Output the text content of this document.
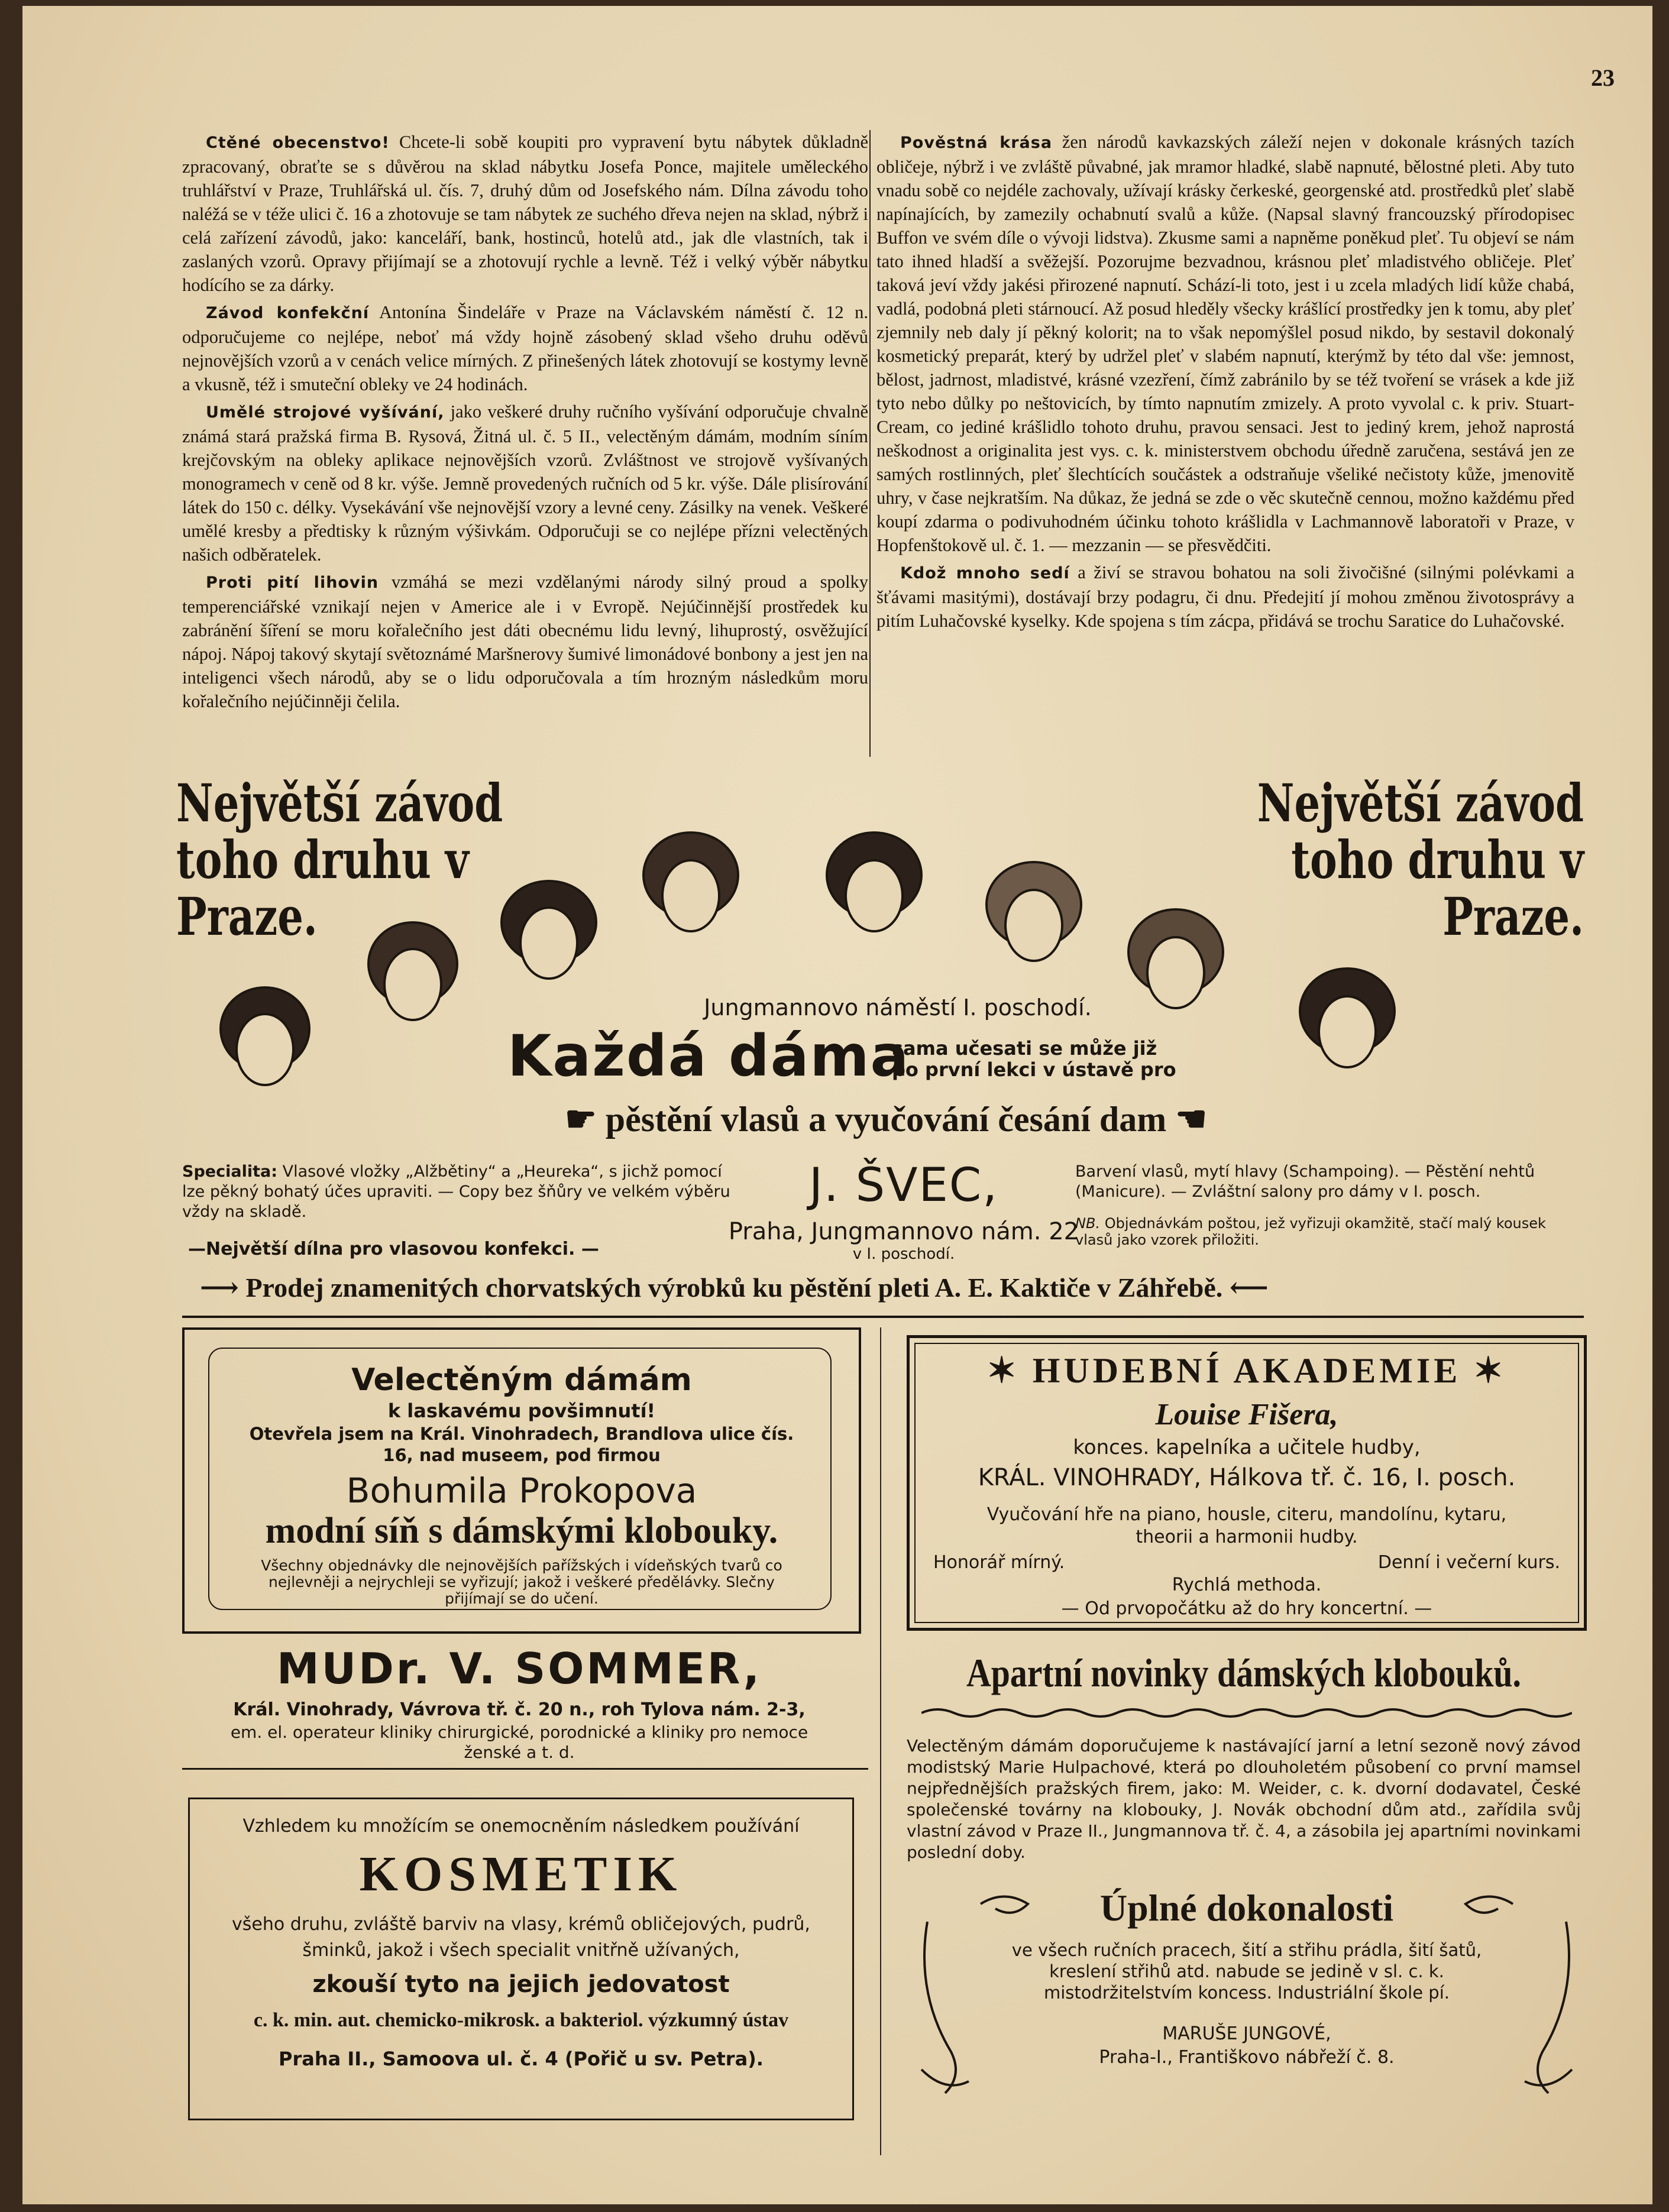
23

Ctěné obecenstvo! Chcete-li sobě koupiti pro vypravení bytu nábytek důkladně zpracovaný, obraťte se s důvěrou na sklad nábytku Josefa Ponce, majitele uměleckého truhlářství v Praze, Truhlářská ul. čís. 7, druhý dům od Josefského nám. Dílna závodu toho naléžá se v téže ulici č. 16 a zhotovuje se tam nábytek ze suchého dřeva nejen na sklad, nýbrž i celá zařízení závodů, jako: kanceláří, bank, hostinců, hotelů atd., jak dle vlastních, tak i zaslaných vzorů. Opravy přijímají se a zhotovují rychle a levně. Též i velký výběr nábytku hodícího se za dárky.

Závod konfekční Antonína Šindeláře v Praze na Václavském náměstí č. 12 n. odporučujeme co nejlépe, neboť má vždy hojně zásobený sklad všeho druhu oděvů nejnovějších vzorů a v cenách velice mírných. Z přinešených látek zhotovují se kostymy levně a vkusně, též i smuteční obleky ve 24 hodinách.

Umělé strojové vyšívání, jako veškeré druhy ručního vyšívání odporučuje chvalně známá stará pražská firma B. Rysová, Žitná ul. č. 5 II., velectěným dámám, modním síním krejčovským na obleky aplikace nejnovějších vzorů. Zvláštnost ve strojově vyšívaných monogramech v ceně od 8 kr. výše. Jemně provedených ručních od 5 kr. výše. Dále plisírování látek do 150 c. délky. Vysekávání vše nejnovější vzory a levné ceny. Zásilky na venek. Veškeré umělé kresby a předtisky k různým výšivkám. Odporučuji se co nejlépe přízni velectěných našich odběratelek.

Proti pití lihovin vzmáhá se mezi vzdělanými národy silný proud a spolky temperenciářské vznikají nejen v Americe ale i v Evropě. Nejúčinnější prostředek ku zabránění šíření se moru kořalečního jest dáti obecnému lidu levný, lihuprostý, osvěžující nápoj. Nápoj takový skytají světoznámé Maršnerovy šumivé limonádové bonbony a jest jen na inteligenci všech národů, aby se o lidu odporučovala a tím hrozným následkům moru kořalečního nejúčinněji čelila.

Pověstná krása žen národů kavkazských záleží nejen v dokonale krásných tazích obličeje, nýbrž i ve zvláště půvabné, jak mramor hladké, slabě napnuté, bělostné pleti. Aby tuto vnadu sobě co nejdéle zachovaly, užívají krásky čerkeské, georgenské atd. prostředků pleť slabě napínajících, by zamezily ochabnutí svalů a kůže. (Napsal slavný francouzský přírodopisec Buffon ve svém díle o vývoji lidstva). Zkusme sami a napněme poněkud pleť. Tu objeví se nám tato ihned hladší a svěžejší. Pozorujme bezvadnou, krásnou pleť mladistvého obličeje. Pleť taková jeví vždy jakési přirozené napnutí. Schází-li toto, jest i u zcela mladých lidí kůže chabá, vadlá, podobná pleti stárnoucí. Až posud hleděly všecky krášlící prostředky jen k tomu, aby pleť zjemnily neb daly jí pěkný kolorit; na to však nepomýšlel posud nikdo, by sestavil dokonalý kosmetický preparát, který by udržel pleť v slabém napnutí, kterýmž by této dal vše: jemnost, bělost, jadrnost, mladistvé, krásné vzezření, čímž zabránilo by se též tvoření se vrásek a kde již tyto nebo důlky po neštovicích, by tímto napnutím zmizely. A proto vyvolal c. k priv. Stuart-Cream, co jediné krášlidlo tohoto druhu, pravou sensaci. Jest to jediný krem, jehož naprostá neškodnost a originalita jest vys. c. k. ministerstvem obchodu úředně zaručena, sestává jen ze samých rostlinných, pleť šlechtících součástek a odstraňuje všeliké nečistoty kůže, jmenovitě uhry, v čase nejkratším. Na důkaz, že jedná se zde o věc skutečně cennou, možno každému před koupí zdarma o podivuhodném účinku tohoto krášlidla v Lachmannově laboratoři v Praze, v Hopfenštokově ul. č. 1. — mezzanin — se přesvědčiti.

Kdož mnoho sedí a živí se stravou bohatou na soli živočišné (silnými polévkami a šťávami masitými), dostávají brzy podagru, či dnu. Předejití jí mohou změnou životosprávy a pitím Luhačovské kyselky. Kde spojena s tím zácpa, přidává se trochu Saratice do Luhačovské.

Největší závod toho druhu v Praze.
Největší závod toho druhu v Praze.
Jungmannovo náměstí I. poschodí.
Každá dáma
sama učesati se může již
po první lekci v ústavě pro
☛ pěstění vlasů a vyučování česání dam ☚
Specialita: Vlasové vložky „Alžbětiny“ a „Heureka“, s jichž pomocí lze pěkný bohatý účes upraviti. — Copy bez šňůry ve velkém výběru vždy na skladě.
—Největší dílna pro vlasovou konfekci. —
J. ŠVEC,
Praha, Jungmannovo nám. 22
v I. poschodí.
Barvení vlasů, mytí hlavy (Schampoing). — Pěstění nehtů (Manicure). — Zvláštní salony pro dámy v I. posch.
NB. Objednávkám poštou, jež vyřizuji okamžitě, stačí malý kousek vlasů jako vzorek přiložiti.
⟶ Prodej znamenitých chorvatských výrobků ku pěstění pleti A. E. Kaktiče v Záhřebě. ⟵
Velectěným dámám
k laskavému povšimnutí!
Otevřela jsem na Král. Vinohradech, Brandlova ulice čís. 16, nad museem, pod firmou
Bohumila Prokopova
modní síň s dámskými klobouky.
Všechny objednávky dle nejnovějších pařížských i vídeňských tvarů co nejlevněji a nejrychleji se vyřizují; jakož i veškeré předělávky. Slečny přijímají se do učení.
✶ HUDEBNÍ AKADEMIE ✶
Louise Fišera,
konces. kapelníka a učitele hudby,
KRÁL. VINOHRADY, Hálkova tř. č. 16, I. posch.
Vyučování hře na piano, housle, citeru, mandolínu, kytaru, theorii a harmonii hudby.
Honorář mírný.	Denní i večerní kurs.
Rychlá methoda.
— Od prvopočátku až do hry koncertní. —
MUDr. V. SOMMER,
Král. Vinohrady, Vávrova tř. č. 20 n., roh Tylova nám. 2-3,
em. el. operateur kliniky chirurgické, porodnické a kliniky pro nemoce ženské a t. d.
Apartní novinky dámských klobouků.
Velectěným dámám doporučujeme k nastávající jarní a letní sezoně nový závod modistský Marie Hulpachové, která po dlouholetém působení co první mamsel nejpřednějších pražských firem, jako: M. Weider, c. k. dvorní dodavatel, České společenské továrny na klobouky, J. Novák obchodní dům atd., zařídila svůj vlastní závod v Praze II., Jungmannova tř. č. 4, a zásobila jej apartními novinkami poslední doby.
Vzhledem ku množícím se onemocněním následkem používání
KOSMETIK
všeho druhu, zvláště barviv na vlasy, krémů obličejových, pudrů, šminků, jakož i všech specialit vnitřně užívaných,
zkouší tyto na jejich jedovatost
c. k. min. aut. chemicko-mikrosk. a bakteriol. výzkumný ústav
Praha II., Samoova ul. č. 4 (Pořič u sv. Petra).
Úplné dokonalosti
ve všech ručních pracech, šití a střihu prádla, šití šatů, kreslení střihů atd. nabude se jedině v sl. c. k. mistodržitelstvím koncess. Industriální škole pí.
MARUŠE JUNGOVÉ,
Praha-I., Františkovo nábřeží č. 8.
